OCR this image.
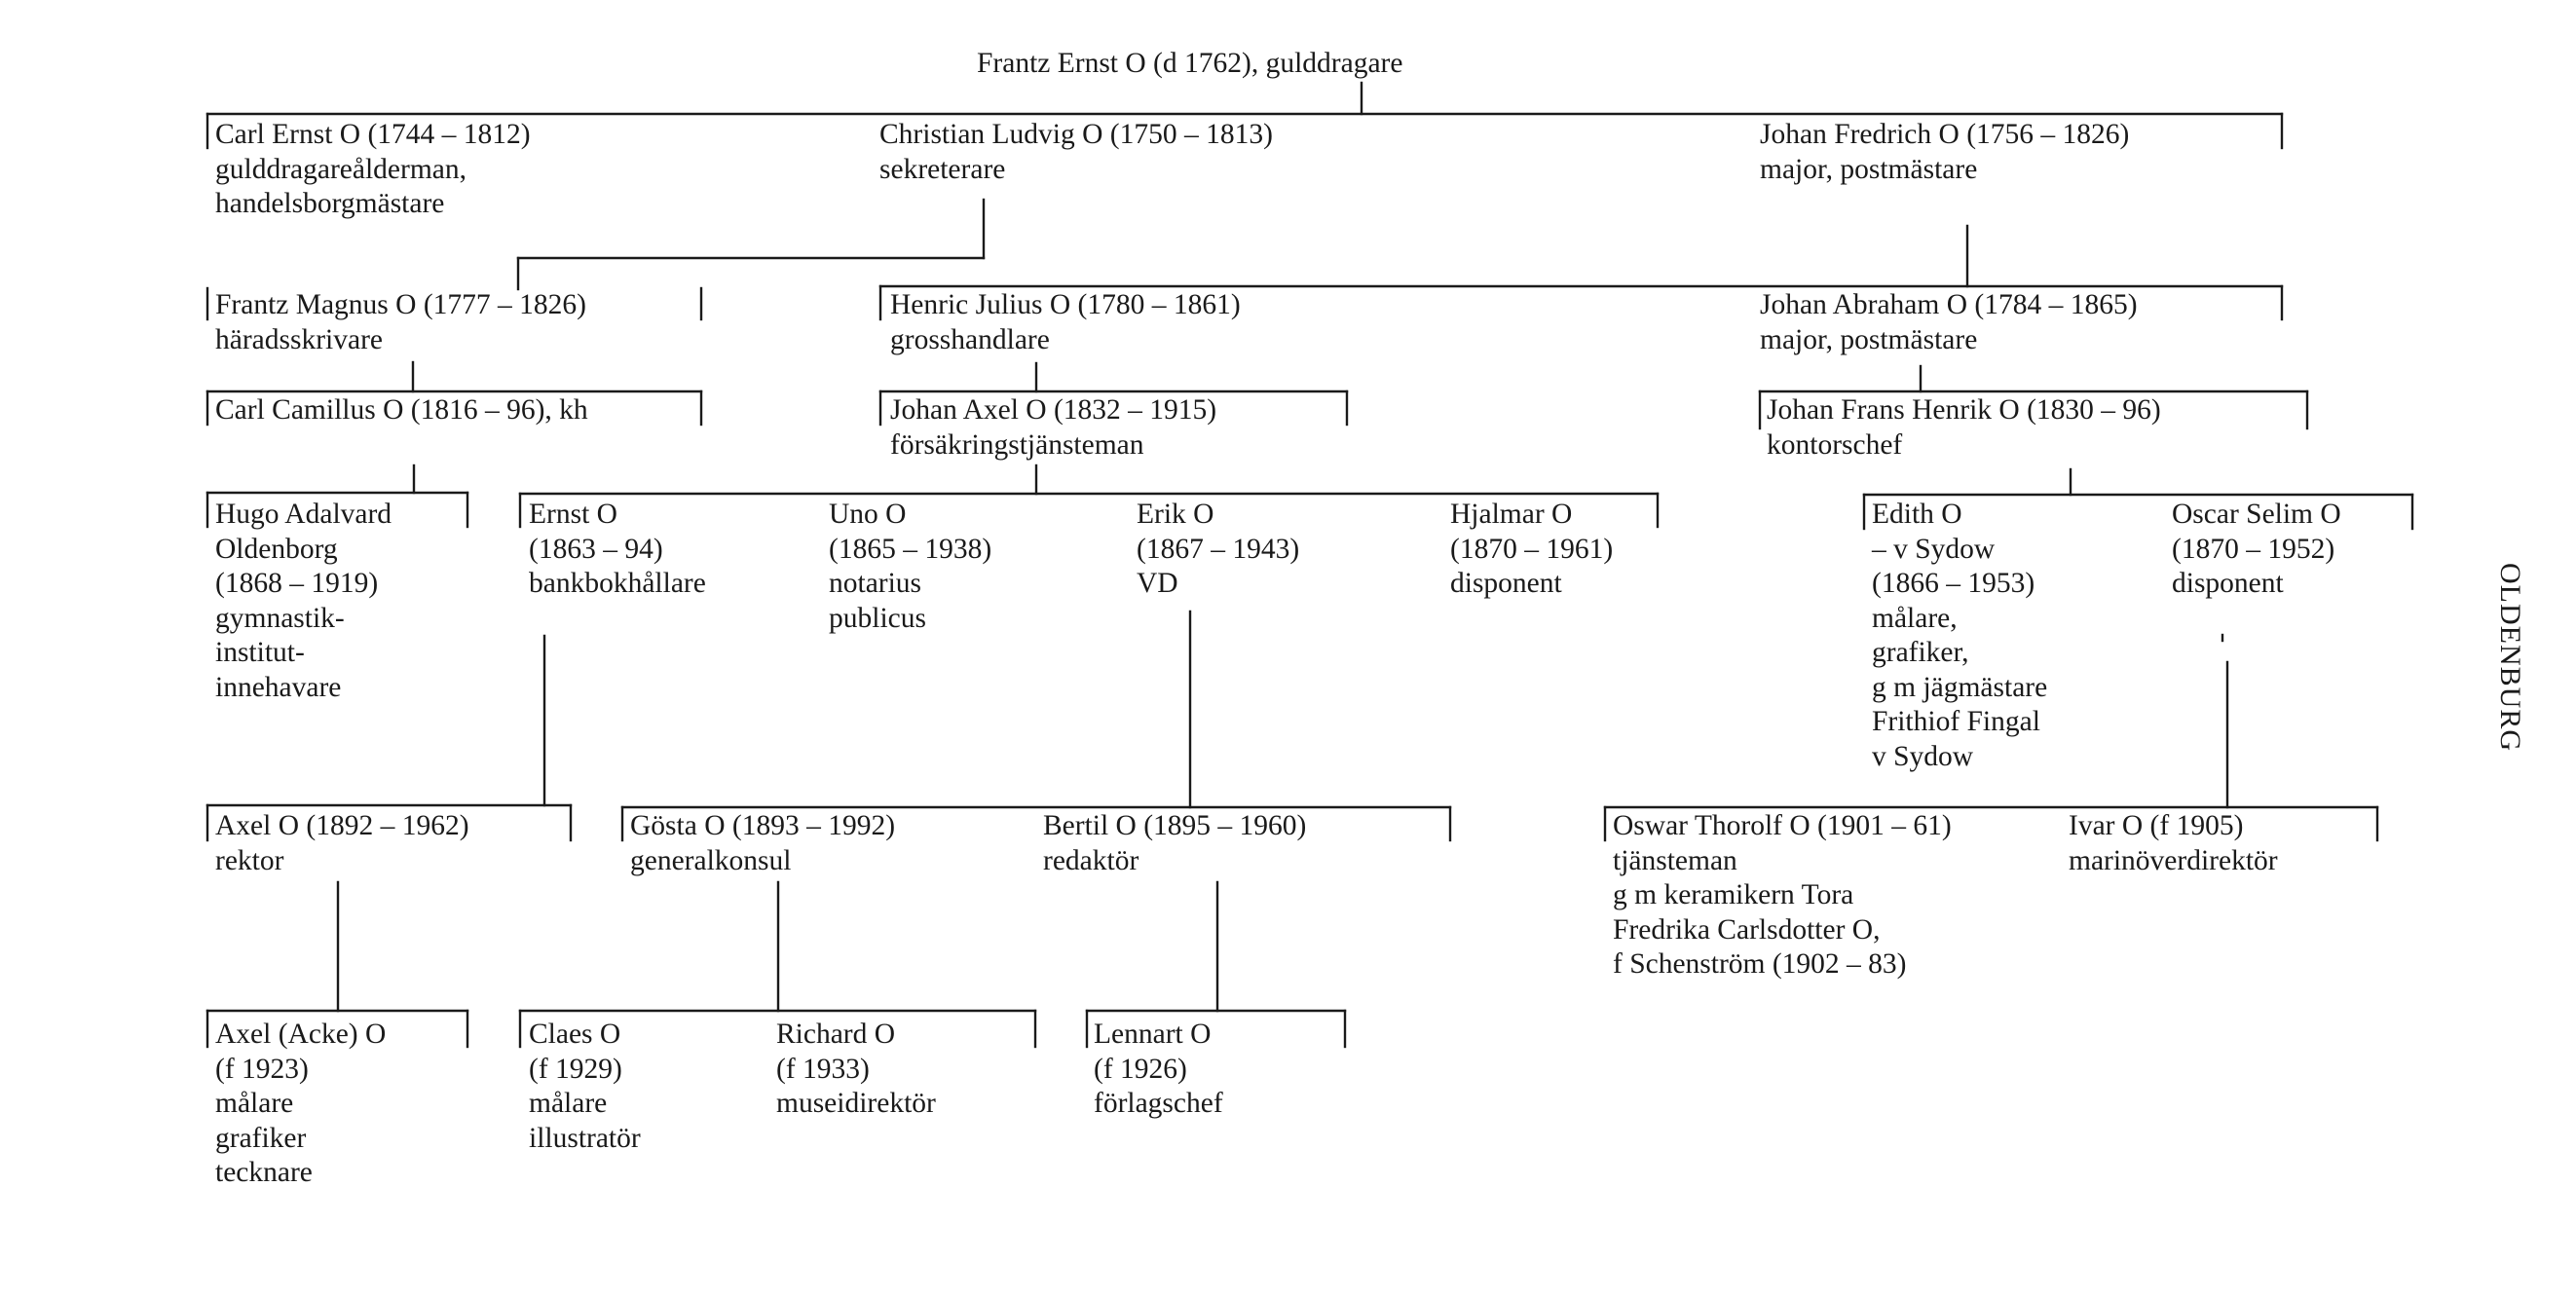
Frantz Ernst O (d 1762), gulddragare
Carl Ernst O (1744 – 1812)
gulddragareålderman,
handelsborgmästare
Christian Ludvig O (1750 – 1813)
sekreterare
Johan Fredrich O (1756 – 1826)
major, postmästare
Frantz Magnus O (1777 – 1826)
häradsskrivare
Henric Julius O (1780 – 1861)
grosshandlare
Johan Abraham O (1784 – 1865)
major, postmästare
Carl Camillus O (1816 – 96), kh	Johan Axel O (1832 – 1915)
försäkringstjänsteman
Johan Frans Henrik O (1830 – 96)
kontorschef
Hugo Adalvard
Oldenborg
(1868 – 1919)
gymnastik-
institut-
innehavare
Ernst O
(1863 – 94)
bankbokhållare
Uno O
(1865 – 1938)
notarius
publicus
Erik O
(1867 – 1943)
VD
Hjalmar O
(1870 – 1961)
disponent
Edith O
– v Sydow
(1866 – 1953)
målare,
grafiker,
g m jägmästare
Frithiof Fingal
v Sydow
Oscar Selim O
(1870 – 1952)
disponent
Axel O (1892 – 1962)
rektor
Gösta O (1893 – 1992)
generalkonsul
Bertil O (1895 – 1960)
redaktör
Oswar Thorolf O (1901 – 61)
tjänsteman
g m keramikern Tora
Fredrika Carlsdotter O,
f Schenström (1902 – 83)
Ivar O (f 1905)
marinöverdirektör
Axel (Acke) O
(f 1923)
målare
grafiker
tecknare
Claes O
(f 1929)
målare
illustratör
Richard O
(f 1933)
museidirektör
Lennart O
(f 1926)
förlagschef
OLDENBURG
